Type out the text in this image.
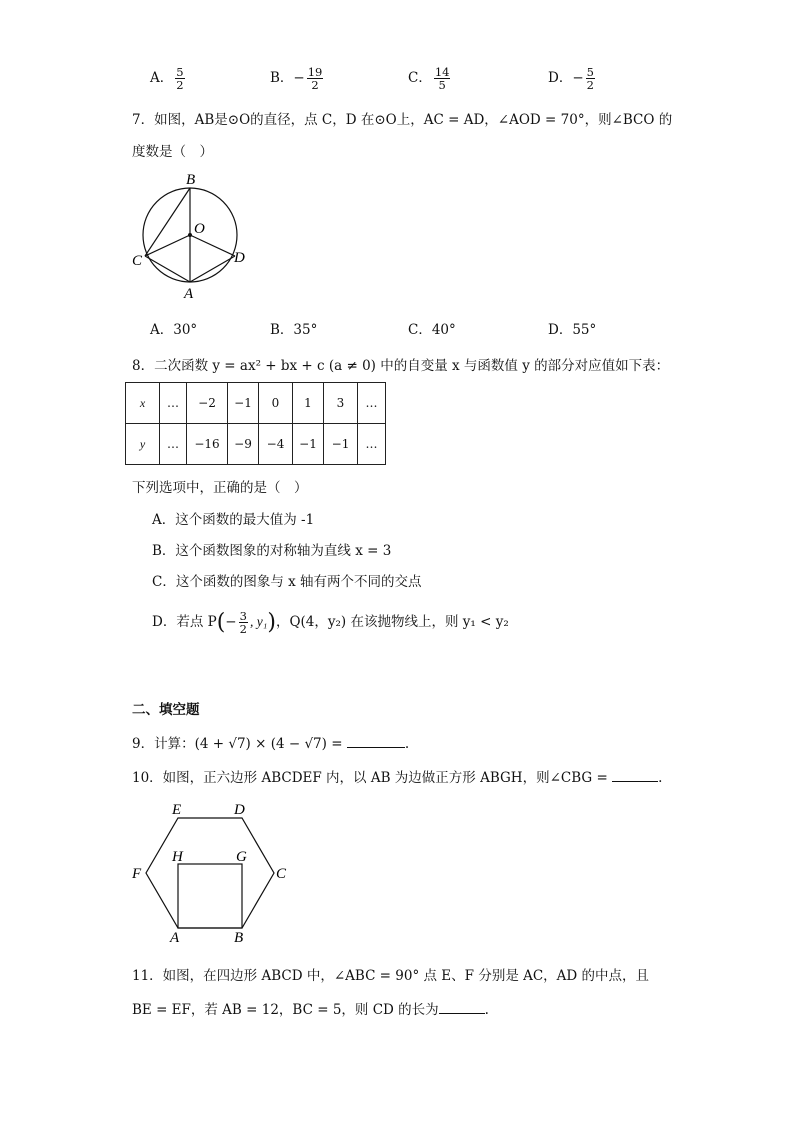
A． $\frac{5}{2}$	B．− $\frac{19}{2}$	C． $\frac{14}{5}$	D．− $\frac{5}{2}$
7．如图，AB是⊙O的直径，点 C，D 在⊙O上，AC = AD，∠AOD = 70°，则∠BCO 的
度数是（　）
B
O
C	D
A
A．30°	B．35°	C．40°	D．55°
8．二次函数 y = ax² + bx + c (a ≠ 0) 中的自变量 x 与函数值 y 的部分对应值如下表：
x	…	−2	−1	0	1	3	…
y	…	−16	−9	−4	−1	−1	…
下列选项中，正确的是（　）
A．这个函数的最大值为 -1
B．这个函数图象的对称轴为直线 x = 3
C．这个函数的图象与 x 轴有两个不同的交点
D．若点 $P(- \frac{3}{2}$ , y₁)，Q(4，y₂) 在该抛物线上，则 y₁ < y₂
二、填空题
9．计算：(4 + √7) × (4 − √7) =	.
10．如图，正六边形 ABCDEF 内，以 AB 为边做正方形 ABGH，则∠CBG =	.
E	D
F	C
H	G
A	B
11．如图，在四边形 ABCD 中，∠ABC = 90° 点 E、F 分别是 AC，AD 的中点，且
BE = EF，若 AB = 12，BC = 5，则 CD 的长为	.
